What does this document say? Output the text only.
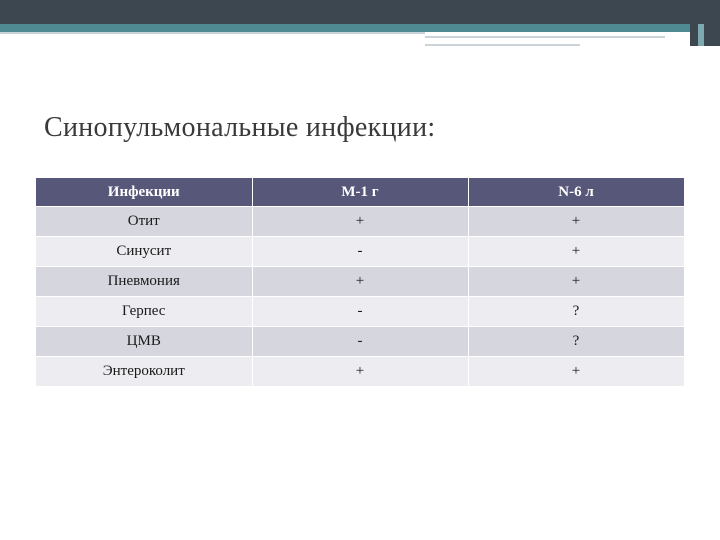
Синопульмональные инфекции:
Инфекции	М-1 г	N-6 л
Отит	+	+
Синусит	-	+
Пневмония	+	+
Герпес	-	?
ЦМВ	-	?
Энтероколит	+	+
